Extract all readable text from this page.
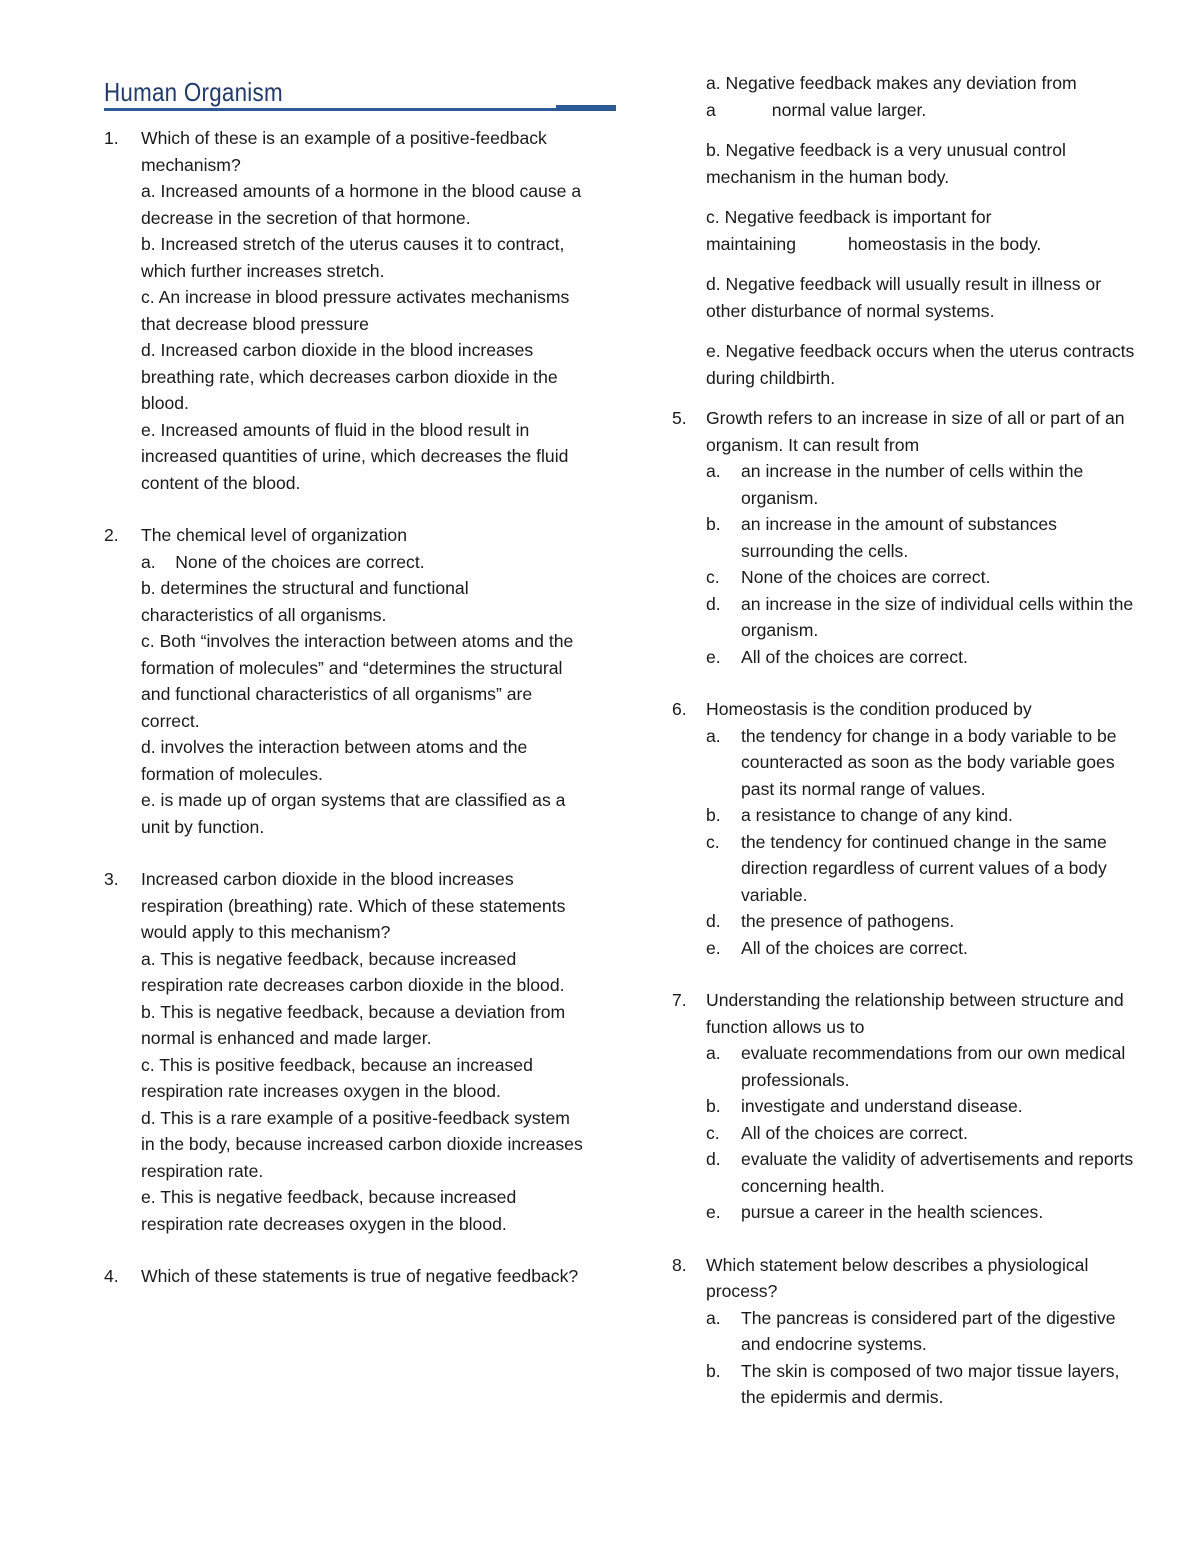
Human Organism
1. Which of these is an example of a positive-feedback mechanism?
a. Increased amounts of a hormone in the blood cause a decrease in the secretion of that hormone.
b. Increased stretch of the uterus causes it to contract, which further increases stretch.
c. An increase in blood pressure activates mechanisms that decrease blood pressure
d. Increased carbon dioxide in the blood increases breathing rate, which decreases carbon dioxide in the blood.
e. Increased amounts of fluid in the blood result in increased quantities of urine, which decreases the fluid content of the blood.
2. The chemical level of organization
a. None of the choices are correct.
b. determines the structural and functional characteristics of all organisms.
c. Both “involves the interaction between atoms and the formation of molecules” and “determines the structural and functional characteristics of all organisms” are correct.
d. involves the interaction between atoms and the formation of molecules.
e. is made up of organ systems that are classified as a unit by function.
3. Increased carbon dioxide in the blood increases respiration (breathing) rate. Which of these statements would apply to this mechanism?
a. This is negative feedback, because increased respiration rate decreases carbon dioxide in the blood.
b. This is negative feedback, because a deviation from normal is enhanced and made larger.
c. This is positive feedback, because an increased respiration rate increases oxygen in the blood.
d. This is a rare example of a positive-feedback system in the body, because increased carbon dioxide increases respiration rate.
e. This is negative feedback, because increased respiration rate decreases oxygen in the blood.
4. Which of these statements is true of negative feedback?
a. Negative feedback makes any deviation from
a	normal value larger.
b. Negative feedback is a very unusual control mechanism in the human body.
c. Negative feedback is important for
maintaining	homeostasis in the body.
d. Negative feedback will usually result in illness or other disturbance of normal systems.
e. Negative feedback occurs when the uterus contracts during childbirth.
5. Growth refers to an increase in size of all or part of an organism. It can result from
a. an increase in the number of cells within the organism.
b. an increase in the amount of substances surrounding the cells.
c. None of the choices are correct.
d. an increase in the size of individual cells within the organism.
e. All of the choices are correct.
6. Homeostasis is the condition produced by
a. the tendency for change in a body variable to be counteracted as soon as the body variable goes past its normal range of values.
b. a resistance to change of any kind.
c. the tendency for continued change in the same direction regardless of current values of a body variable.
d. the presence of pathogens.
e. All of the choices are correct.
7. Understanding the relationship between structure and function allows us to
a. evaluate recommendations from our own medical professionals.
b. investigate and understand disease.
c. All of the choices are correct.
d. evaluate the validity of advertisements and reports concerning health.
e. pursue a career in the health sciences.
8. Which statement below describes a physiological process?
a. The pancreas is considered part of the digestive and endocrine systems.
b. The skin is composed of two major tissue layers, the epidermis and dermis.
